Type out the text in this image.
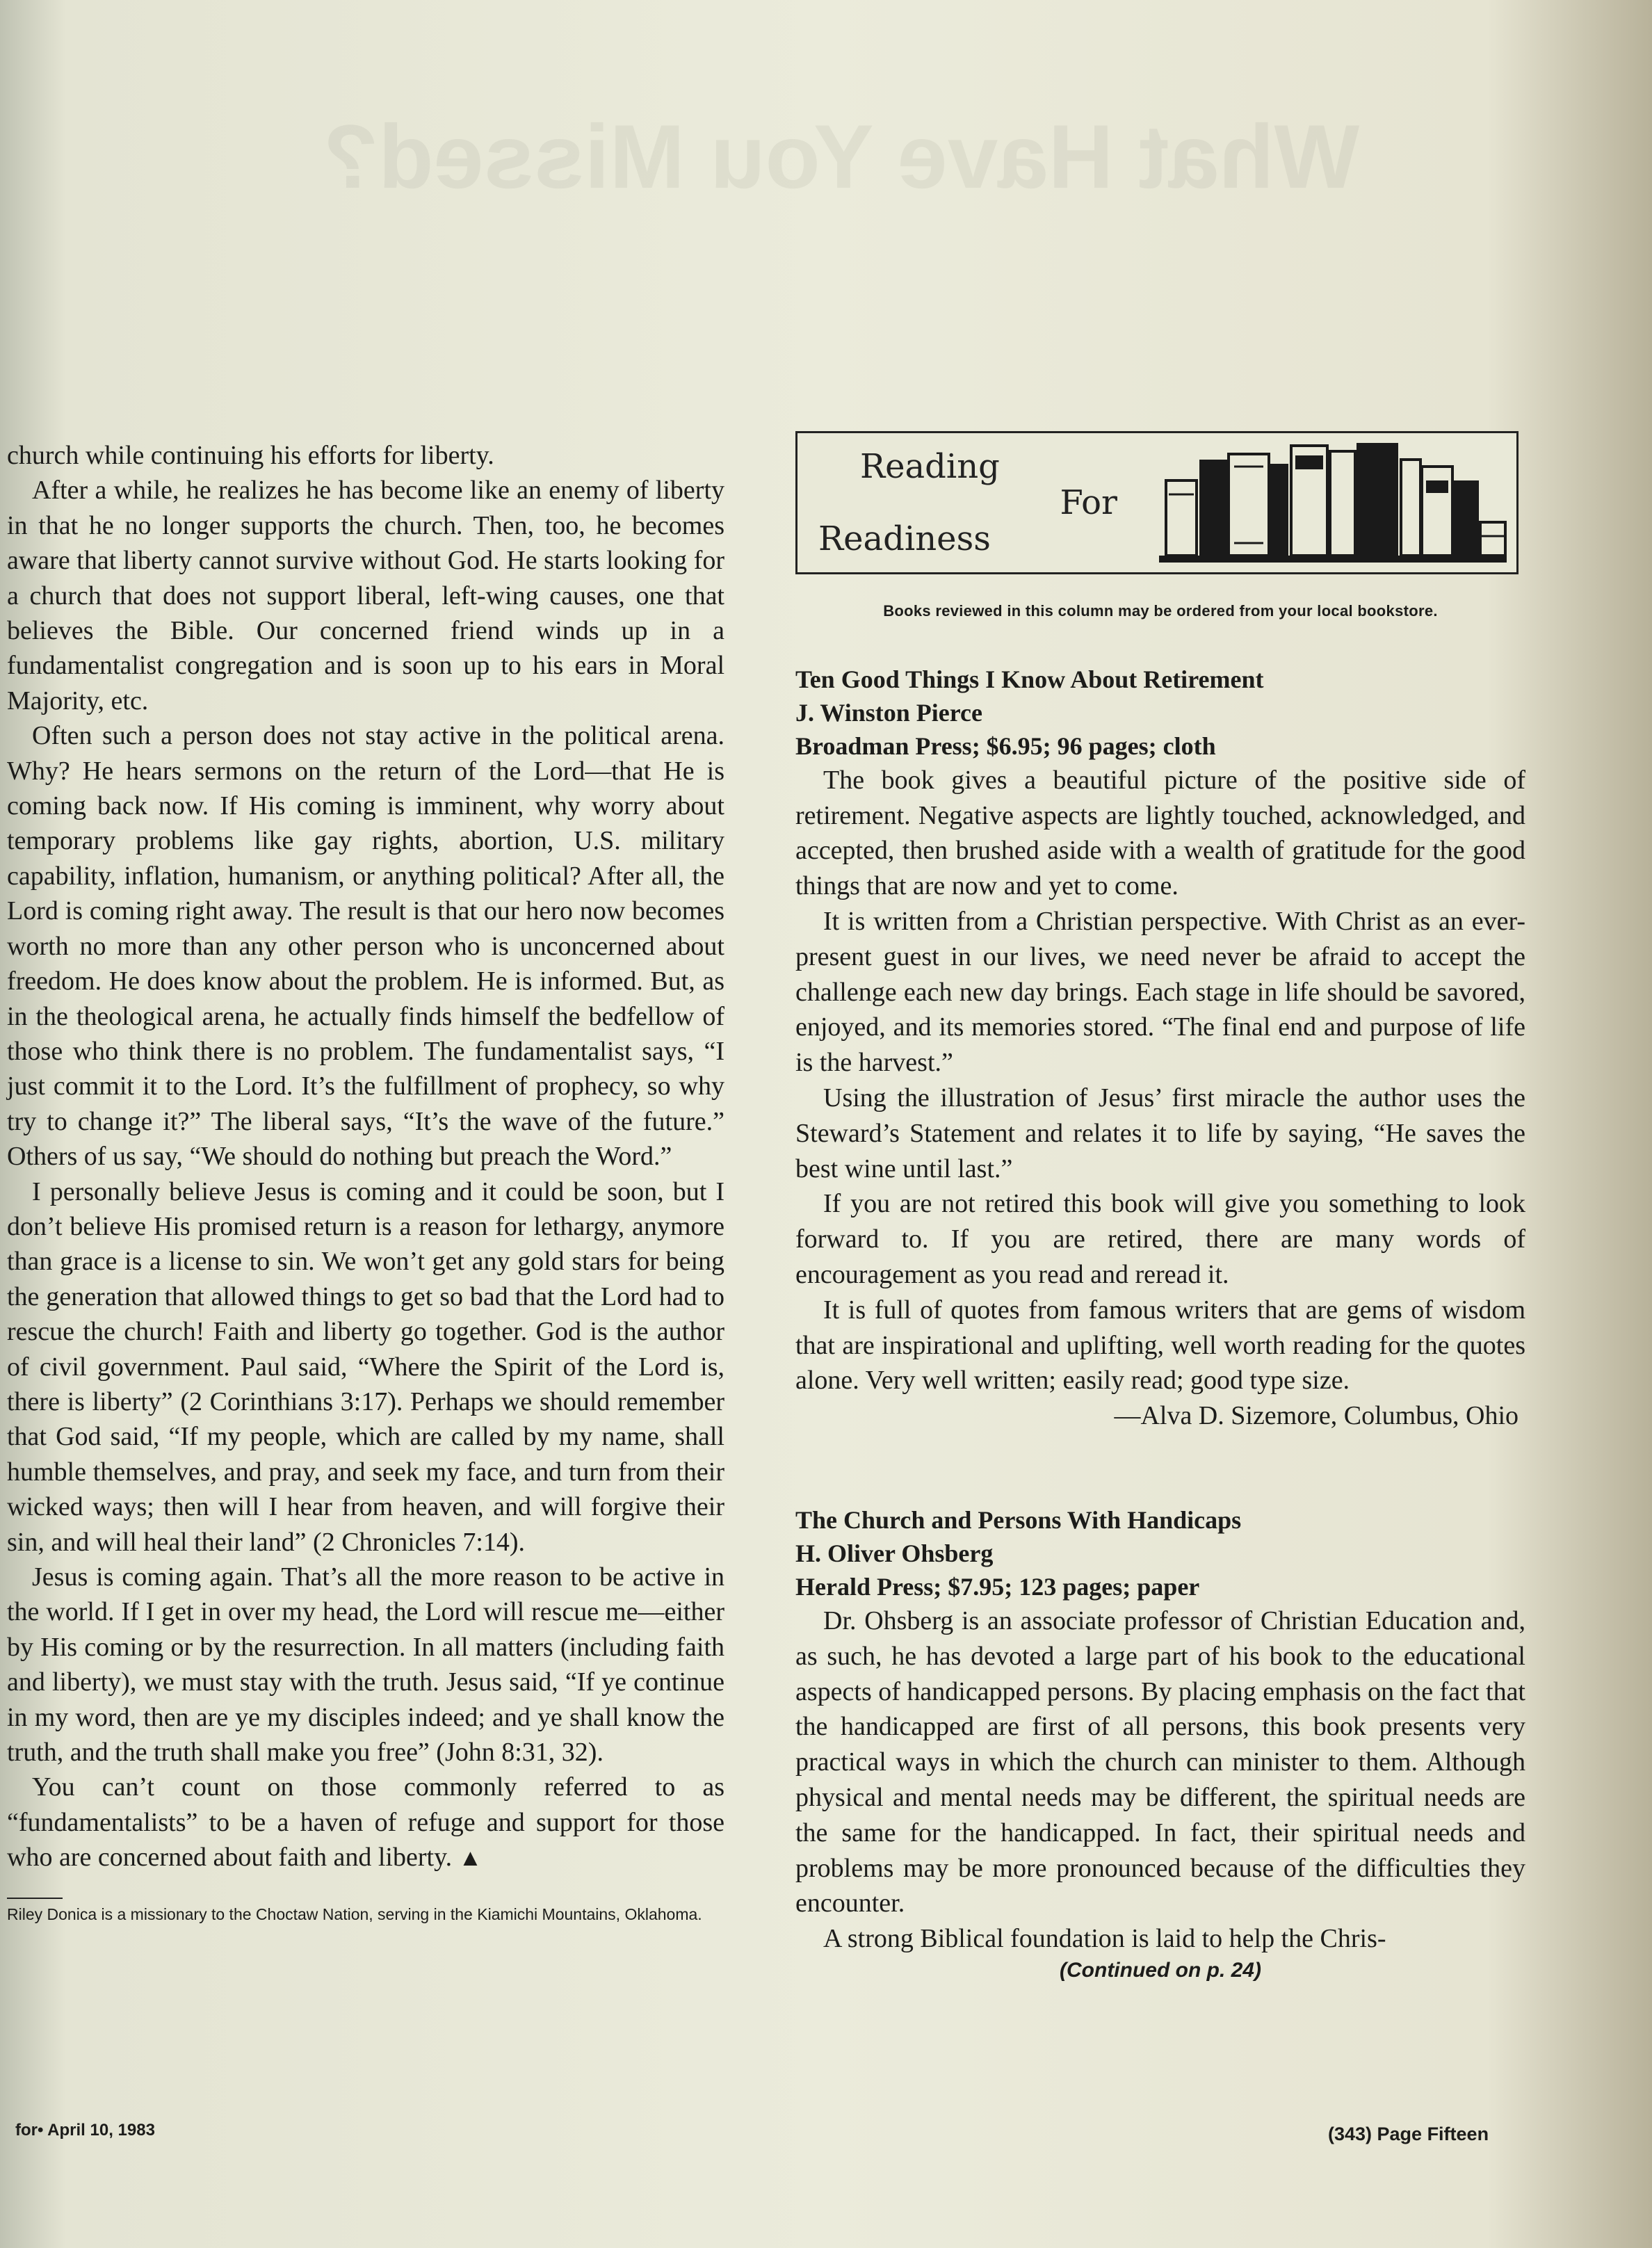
What Have You Missed?

church while continuing his efforts for liberty.

After a while, he realizes he has become like an enemy of liberty in that he no longer supports the church. Then, too, he becomes aware that liberty cannot survive without God. He starts looking for a church that does not support liberal, left-wing causes, one that believes the Bible. Our concerned friend winds up in a fundamentalist congregation and is soon up to his ears in Moral Majority, etc.

Often such a person does not stay active in the political arena. Why? He hears sermons on the return of the Lord—that He is coming back now. If His coming is imminent, why worry about temporary problems like gay rights, abortion, U.S. military capability, inflation, humanism, or anything political? After all, the Lord is coming right away. The result is that our hero now becomes worth no more than any other person who is unconcerned about freedom. He does know about the problem. He is informed. But, as in the theological arena, he actually finds himself the bedfellow of those who think there is no problem. The fundamentalist says, “I just commit it to the Lord. It’s the fulfillment of prophecy, so why try to change it?” The liberal says, “It’s the wave of the future.” Others of us say, “We should do nothing but preach the Word.”

I personally believe Jesus is coming and it could be soon, but I don’t believe His promised return is a reason for lethargy, anymore than grace is a license to sin. We won’t get any gold stars for being the generation that allowed things to get so bad that the Lord had to rescue the church! Faith and liberty go together. God is the author of civil government. Paul said, “Where the Spirit of the Lord is, there is liberty” (2 Corinthians 3:17). Perhaps we should remember that God said, “If my people, which are called by my name, shall humble themselves, and pray, and seek my face, and turn from their wicked ways; then will I hear from heaven, and will forgive their sin, and will heal their land” (2 Chronicles 7:14).

Jesus is coming again. That’s all the more reason to be active in the world. If I get in over my head, the Lord will rescue me—either by His coming or by the resurrection. In all matters (including faith and liberty), we must stay with the truth. Jesus said, “If ye continue in my word, then are ye my disciples indeed; and ye shall know the truth, and the truth shall make you free” (John 8:31, 32).

You can’t count on those commonly referred to as “fundamentalists” to be a haven of refuge and support for those who are concerned about faith and liberty. ▲

Riley Donica is a missionary to the Choctaw Nation, serving in the Kiamichi Mountains, Oklahoma.

Reading
For
Readiness
Books reviewed in this column may be ordered from your local bookstore.

Ten Good Things I Know About Retirement

J. Winston Pierce

Broadman Press; $6.95; 96 pages; cloth

The book gives a beautiful picture of the positive side of retirement. Negative aspects are lightly touched, acknowledged, and accepted, then brushed aside with a wealth of gratitude for the good things that are now and yet to come.

It is written from a Christian perspective. With Christ as an ever-present guest in our lives, we need never be afraid to accept the challenge each new day brings. Each stage in life should be savored, enjoyed, and its memories stored. “The final end and purpose of life is the harvest.”

Using the illustration of Jesus’ first miracle the author uses the Steward’s Statement and relates it to life by saying, “He saves the best wine until last.”

If you are not retired this book will give you something to look forward to. If you are retired, there are many words of encouragement as you read and reread it.

It is full of quotes from famous writers that are gems of wisdom that are inspirational and uplifting, well worth reading for the quotes alone. Very well written; easily read; good type size.

—Alva D. Sizemore, Columbus, Ohio

The Church and Persons With Handicaps

H. Oliver Ohsberg

Herald Press; $7.95; 123 pages; paper

Dr. Ohsberg is an associate professor of Christian Education and, as such, he has devoted a large part of his book to the educational aspects of handicapped persons. By placing emphasis on the fact that the handicapped are first of all persons, this book presents very practical ways in which the church can minister to them. Although physical and mental needs may be different, the spiritual needs are the same for the handicapped. In fact, their spiritual needs and problems may be more pronounced because of the difficulties they encounter.

A strong Biblical foundation is laid to help the Chris-

(Continued on p. 24)

for• April 10, 1983	(343) Page Fifteen
